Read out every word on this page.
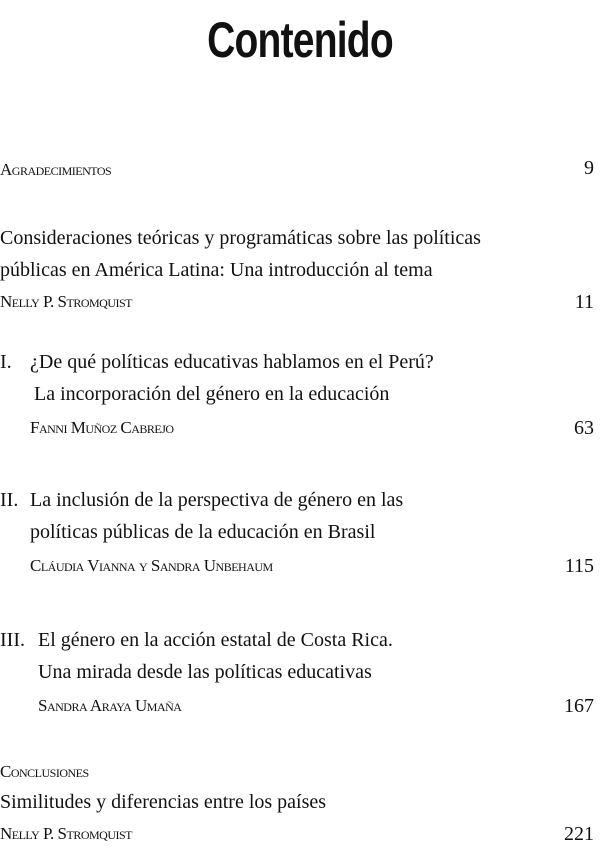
Contenido
Agradecimientos	9
Consideraciones teóricas y programáticas sobre las políticas
públicas en América Latina: Una introducción al tema
Nelly P. Stromquist	11
I. ¿De qué políticas educativas hablamos en el Perú?
La incorporación del género en la educación
Fanni Muñoz Cabrejo	63
II. La inclusión de la perspectiva de género en las
políticas públicas de la educación en Brasil
Cláudia Vianna y Sandra Unbehaum	115
III. El género en la acción estatal de Costa Rica.
Una mirada desde las políticas educativas
Sandra Araya Umaña	167
Conclusiones
Similitudes y diferencias entre los países
Nelly P. Stromquist	221
